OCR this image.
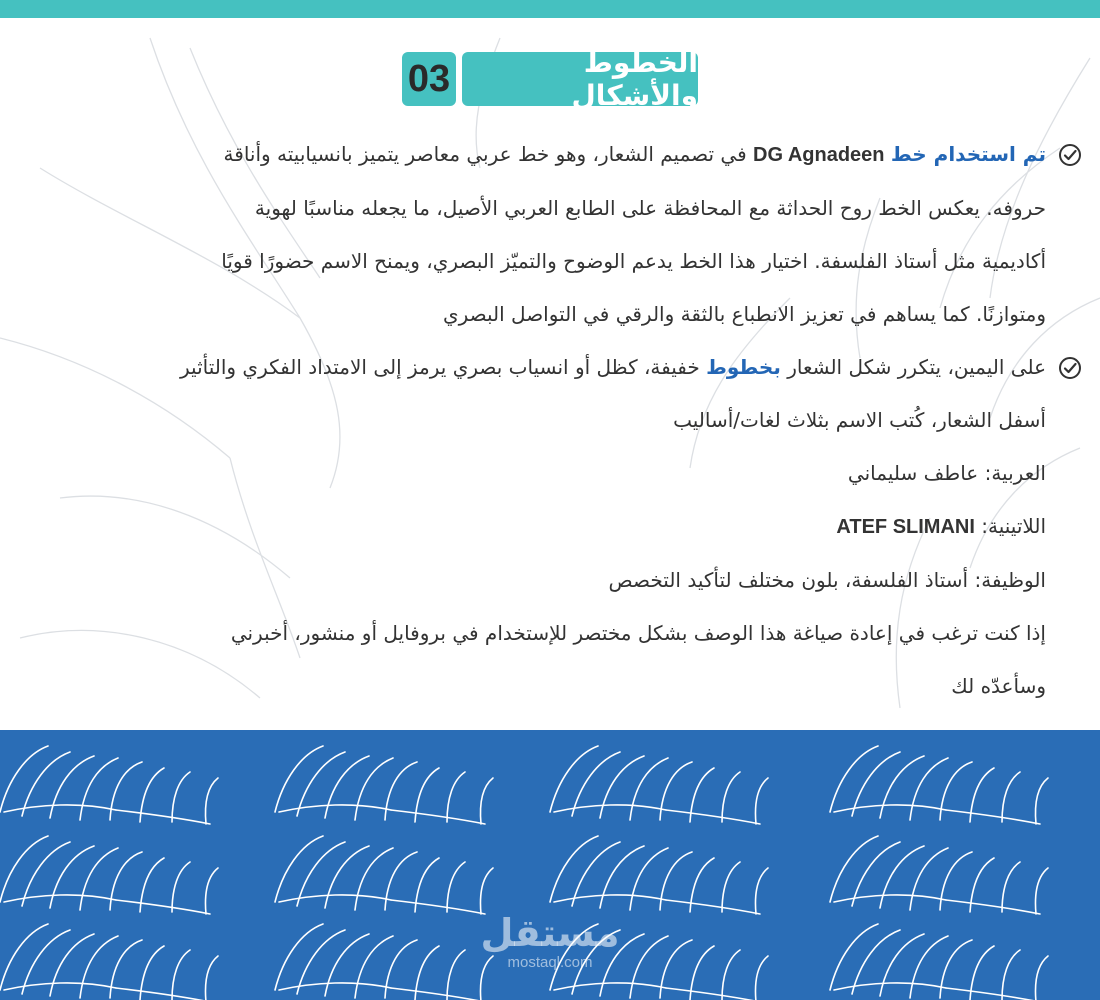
03	الخطوط والأشكال
تم استخدام خط DG Agnadeen في تصميم الشعار، وهو خط عربي معاصر يتميز بانسيابيته وأناقة
حروفه. يعكس الخط روح الحداثة مع المحافظة على الطابع العربي الأصيل، ما يجعله مناسبًا لهوية
أكاديمية مثل أستاذ الفلسفة. اختيار هذا الخط يدعم الوضوح والتميّز البصري، ويمنح الاسم حضورًا قويًا
ومتوازنًا. كما يساهم في تعزيز الانطباع بالثقة والرقي في التواصل البصري
على اليمين، يتكرر شكل الشعار بخطوط خفيفة، كظل أو انسياب بصري يرمز إلى الامتداد الفكري والتأثير
أسفل الشعار، كُتب الاسم بثلاث لغات/أساليب
العربية: عاطف سليماني
اللاتينية: ATEF SLIMANI
الوظيفة: أستاذ الفلسفة، بلون مختلف لتأكيد التخصص
إذا كنت ترغب في إعادة صياغة هذا الوصف بشكل مختصر للإستخدام في بروفايل أو منشور، أخبرني
وسأعدّه لك
مستقل
mostaql.com
